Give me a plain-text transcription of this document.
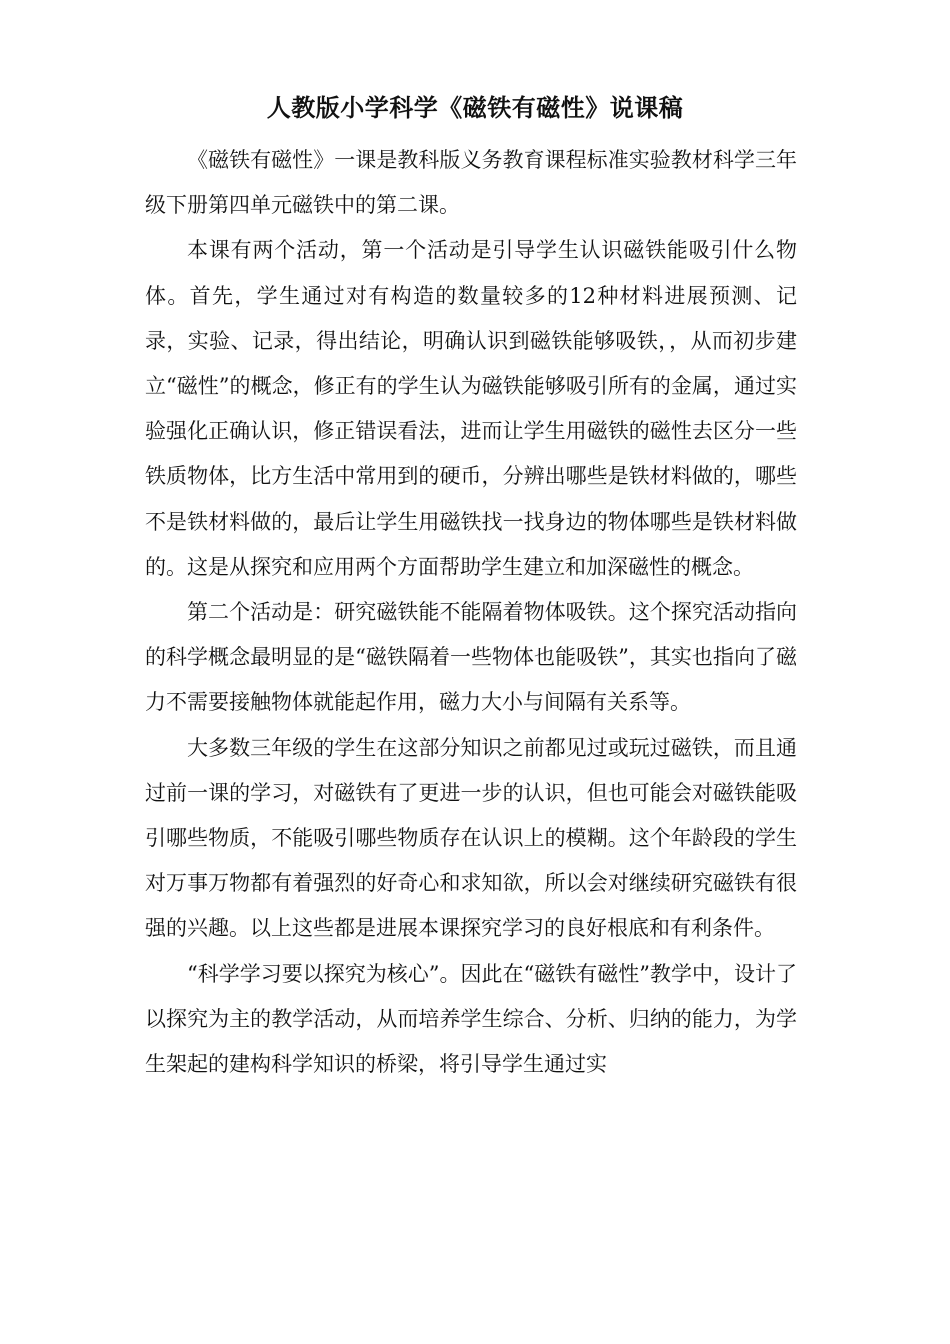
人教版小学科学《磁铁有磁性》说课稿

《磁铁有磁性》一课是教科版义务教育课程标准实验教材科学三年级下册第四单元磁铁中的第二课。

本课有两个活动，第一个活动是引导学生认识磁铁能吸引什么物体。首先，学生通过对有构造的数量较多的12种材料进展预测、记录，实验、记录，得出结论，明确认识到磁铁能够吸铁，，从而初步建立“磁性”的概念，修正有的学生认为磁铁能够吸引所有的金属，通过实验强化正确认识，修正错误看法，进而让学生用磁铁的磁性去区分一些铁质物体，比方生活中常用到的硬币，分辨出哪些是铁材料做的，哪些不是铁材料做的，最后让学生用磁铁找一找身边的物体哪些是铁材料做的。这是从探究和应用两个方面帮助学生建立和加深磁性的概念。

第二个活动是：研究磁铁能不能隔着物体吸铁。这个探究活动指向的科学概念最明显的是“磁铁隔着一些物体也能吸铁”，其实也指向了磁力不需要接触物体就能起作用，磁力大小与间隔有关系等。

大多数三年级的学生在这部分知识之前都见过或玩过磁铁，而且通过前一课的学习，对磁铁有了更进一步的认识，但也可能会对磁铁能吸引哪些物质，不能吸引哪些物质存在认识上的模糊。这个年龄段的学生对万事万物都有着强烈的好奇心和求知欲，所以会对继续研究磁铁有很强的兴趣。以上这些都是进展本课探究学习的良好根底和有利条件。

“科学学习要以探究为核心”。因此在“磁铁有磁性”教学中，设计了以探究为主的教学活动，从而培养学生综合、分析、归纳的能力，为学生架起的建构科学知识的桥梁，将引导学生通过实
